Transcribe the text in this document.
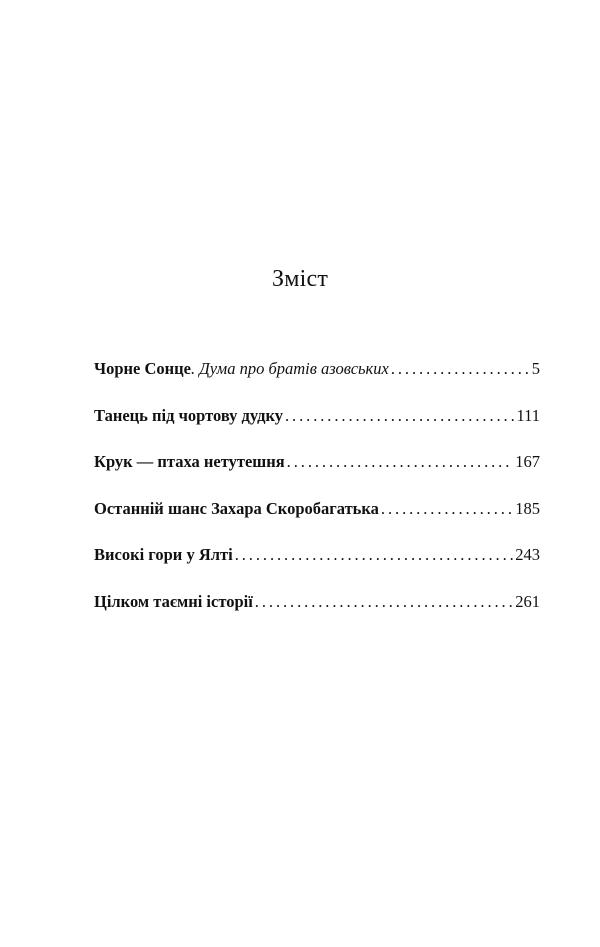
Зміст
Чорне Сонце . Дума про братів азовських . . .	5
Танець під чортову дудку . . .	111
Крук — птаха нетутешня . . .	167
Останній шанс Захара Скоробагатька . . .	185
Високі гори у Ялті . . .	243
Цілком таємні історії . . .	261
